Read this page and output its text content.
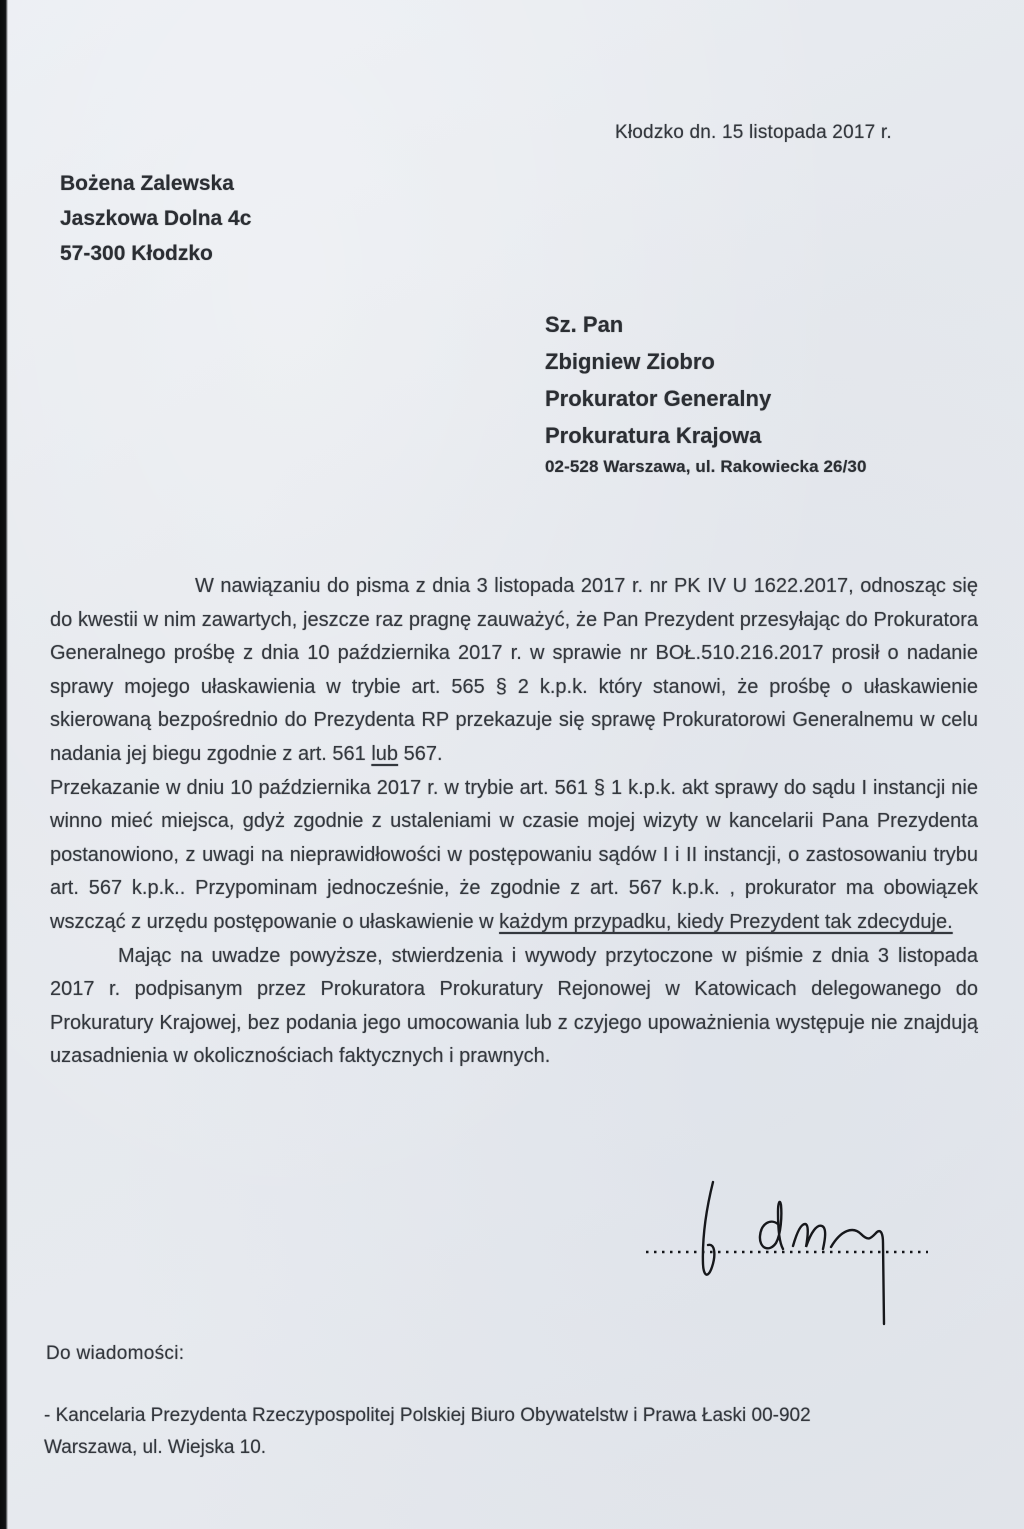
Kłodzko dn. 15 listopada 2017 r.
Bożena Zalewska
Jaszkowa Dolna 4c
57-300 Kłodzko
Sz. Pan
Zbigniew Ziobro
Prokurator Generalny
Prokuratura Krajowa
02-528 Warszawa, ul. Rakowiecka 26/30

W nawiązaniu do pisma z dnia 3 listopada 2017 r. nr PK IV U 1622.2017, odnosząc się do kwestii w nim zawartych, jeszcze raz pragnę zauważyć, że Pan Prezydent przesyłając do Prokuratora Generalnego prośbę z dnia 10 października 2017 r. w sprawie nr BOŁ.510.216.2017 prosił o nadanie sprawy mojego ułaskawienia w trybie art. 565 § 2 k.p.k. który stanowi, że prośbę o ułaskawienie skierowaną bezpośrednio do Prezydenta RP przekazuje się sprawę Prokuratorowi Generalnemu w celu nadania jej biegu zgodnie z art. 561 lub 567.

Przekazanie w dniu 10 października 2017 r. w trybie art. 561 § 1 k.p.k. akt sprawy do sądu I instancji nie winno mieć miejsca, gdyż zgodnie z ustaleniami w czasie mojej wizyty w kancelarii Pana Prezydenta postanowiono, z uwagi na nieprawidłowości w postępowaniu sądów I i II instancji, o zastosowaniu trybu art. 567 k.p.k.. Przypominam jednocześnie, że zgodnie z art. 567 k.p.k. , prokurator ma obowiązek wszcząć z urzędu postępowanie o ułaskawienie w każdym przypadku, kiedy Prezydent tak zdecyduje.

Mając na uwadze powyższe, stwierdzenia i wywody przytoczone w piśmie z dnia 3 listopada 2017 r. podpisanym przez Prokuratora Prokuratury Rejonowej w Katowicach delegowanego do Prokuratury Krajowej, bez podania jego umocowania lub z czyjego upoważnienia występuje nie znajdują uzasadnienia w okolicznościach faktycznych i prawnych.

Do wiadomości:
- Kancelaria Prezydenta Rzeczypospolitej Polskiej Biuro Obywatelstw i Prawa Łaski 00-902
Warszawa, ul. Wiejska 10.
